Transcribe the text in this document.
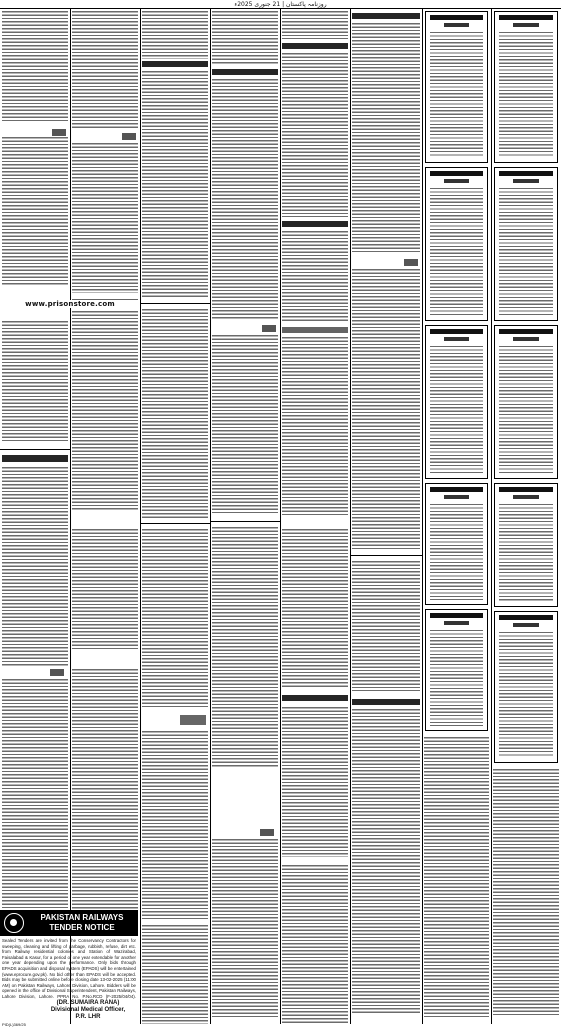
روزنامہ پاکستان | 21 جنوری 2025ء
www.prisonstore.com
PAKISTAN RAILWAYS
TENDER NOTICE
Sealed Tenders are invited from the Conservancy Contractors for sweeping, cleaning and lifting of garbage, rubbish, refuse, dirt etc. from Railway residential colonies and Station of Wazirabad, Faisalabad & Kasur, for a period of one year extendable for another one year depending upon the performance. Only bids through EPADS acquisition and disposal system (EPADS) will be entertained (www.eprocure.gov.pk). No bid other than EPADS will be accepted. Bids may be submitted online before closing date 13-02-2025 (11:00 AM) on Pakistan Railways, Lahore Division, Lahore. Bidders will be opened in the office of Divisional Superintendent, Pakistan Railways, Lahore Division, Lahore. PPRA No. P.No.RCD (F-2025/04/04).
(DR. SUMAIRA RANA)
Divisional Medical Officer,
P.R. LHR
PID(L)369/25
